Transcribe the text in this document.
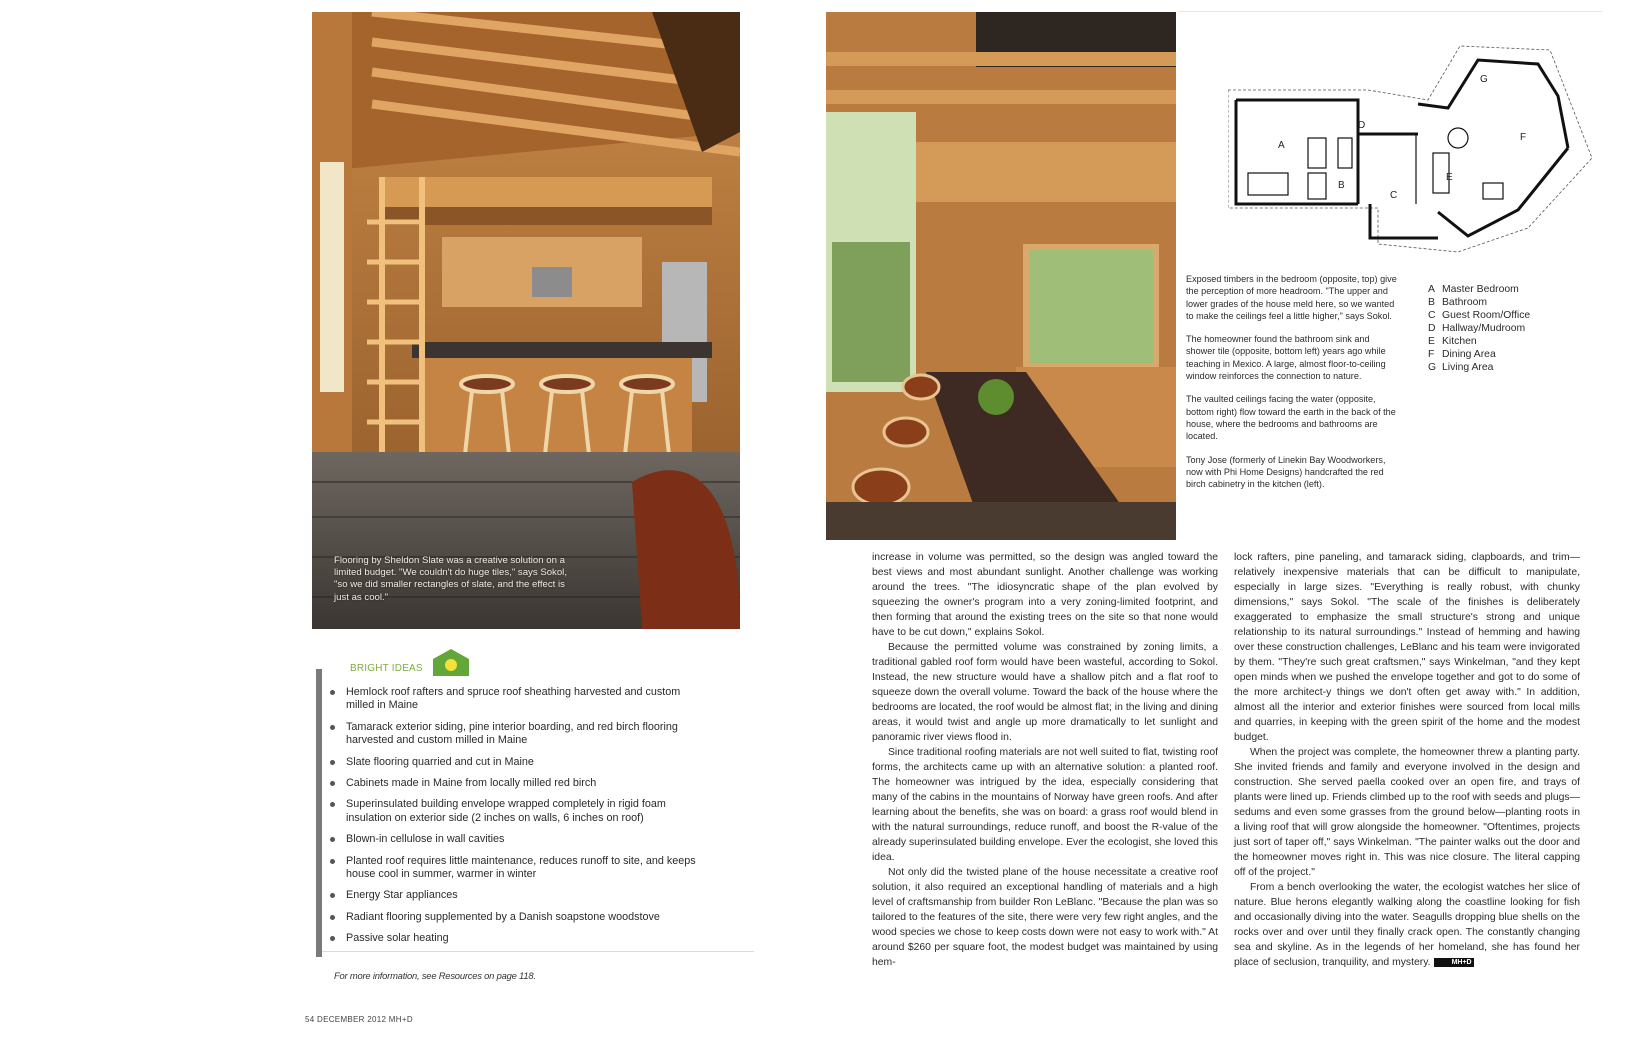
Flooring by Sheldon Slate was a creative solution on a limited budget. "We couldn't do huge tiles," says Sokol, "so we did smaller rectangles of slate, and the effect is just as cool."
BRIGHT IDEAS
Hemlock roof rafters and spruce roof sheathing harvested and custom milled in Maine
Tamarack exterior siding, pine interior boarding, and red birch flooring harvested and custom milled in Maine
Slate flooring quarried and cut in Maine
Cabinets made in Maine from locally milled red birch
Superinsulated building envelope wrapped completely in rigid foam insulation on exterior side (2 inches on walls, 6 inches on roof)
Blown-in cellulose in wall cavities
Planted roof requires little maintenance, reduces runoff to site, and keeps house cool in summer, warmer in winter
Energy Star appliances
Radiant flooring supplemented by a Danish soapstone woodstove
Passive solar heating
For more information, see Resources on page 118.
54 DECEMBER 2012 MH+D
A
B
C
D
E
F
G

Exposed timbers in the bedroom (opposite, top) give the perception of more headroom. "The upper and lower grades of the house meld here, so we wanted to make the ceilings feel a little higher," says Sokol.

The homeowner found the bathroom sink and shower tile (opposite, bottom left) years ago while teaching in Mexico. A large, almost floor-to-ceiling window reinforces the connection to nature.

The vaulted ceilings facing the water (opposite, bottom right) flow toward the earth in the back of the house, where the bedrooms and bathrooms are located.

Tony Jose (formerly of Linekin Bay Woodworkers, now with Phi Home Designs) handcrafted the red birch cabinetry in the kitchen (left).

A Master Bedroom
B Bathroom
C Guest Room/Office
D Hallway/Mudroom
E Kitchen
F Dining Area
G Living Area

increase in volume was permitted, so the design was angled toward the best views and most abundant sunlight. Another challenge was working around the trees. "The idiosyncratic shape of the plan evolved by squeezing the owner's program into a very zoning-limited footprint, and then forming that around the existing trees on the site so that none would have to be cut down," explains Sokol.

Because the permitted volume was constrained by zoning limits, a traditional gabled roof form would have been wasteful, according to Sokol. Instead, the new structure would have a shallow pitch and a flat roof to squeeze down the overall volume. Toward the back of the house where the bedrooms are located, the roof would be almost flat; in the living and dining areas, it would twist and angle up more dramatically to let sunlight and panoramic river views flood in.

Since traditional roofing materials are not well suited to flat, twisting roof forms, the architects came up with an alternative solution: a planted roof. The homeowner was intrigued by the idea, especially considering that many of the cabins in the mountains of Norway have green roofs. And after learning about the benefits, she was on board: a grass roof would blend in with the natural surroundings, reduce runoff, and boost the R-value of the already superinsulated building envelope. Ever the ecologist, she loved this idea.

Not only did the twisted plane of the house necessitate a creative roof solution, it also required an exceptional handling of materials and a high level of craftsmanship from builder Ron LeBlanc. "Because the plan was so tailored to the features of the site, there were very few right angles, and the wood species we chose to keep costs down were not easy to work with." At around $260 per square foot, the modest budget was maintained by using hem-

lock rafters, pine paneling, and tamarack siding, clapboards, and trim—relatively inexpensive materials that can be difficult to manipulate, especially in large sizes. "Everything is really robust, with chunky dimensions," says Sokol. "The scale of the finishes is deliberately exaggerated to emphasize the small structure's strong and unique relationship to its natural surroundings." Instead of hemming and hawing over these construction challenges, LeBlanc and his team were invigorated by them. "They're such great craftsmen," says Winkelman, "and they kept open minds when we pushed the envelope together and got to do some of the more architect-y things we don't often get away with." In addition, almost all the interior and exterior finishes were sourced from local mills and quarries, in keeping with the green spirit of the home and the modest budget.

When the project was complete, the homeowner threw a planting party. She invited friends and family and everyone involved in the design and construction. She served paella cooked over an open fire, and trays of plants were lined up. Friends climbed up to the roof with seeds and plugs—sedums and even some grasses from the ground below—planting roots in a living roof that will grow alongside the homeowner. "Oftentimes, projects just sort of taper off," says Winkelman. "The painter walks out the door and the homeowner moves right in. This was nice closure. The literal capping off of the project."

From a bench overlooking the water, the ecologist watches her slice of nature. Blue herons elegantly walking along the coastline looking for fish and occasionally diving into the water. Seagulls dropping blue shells on the rocks over and over until they finally crack open. The constantly changing sea and skyline. As in the legends of her homeland, she has found her place of seclusion, tranquility, and mystery.	MH+D
